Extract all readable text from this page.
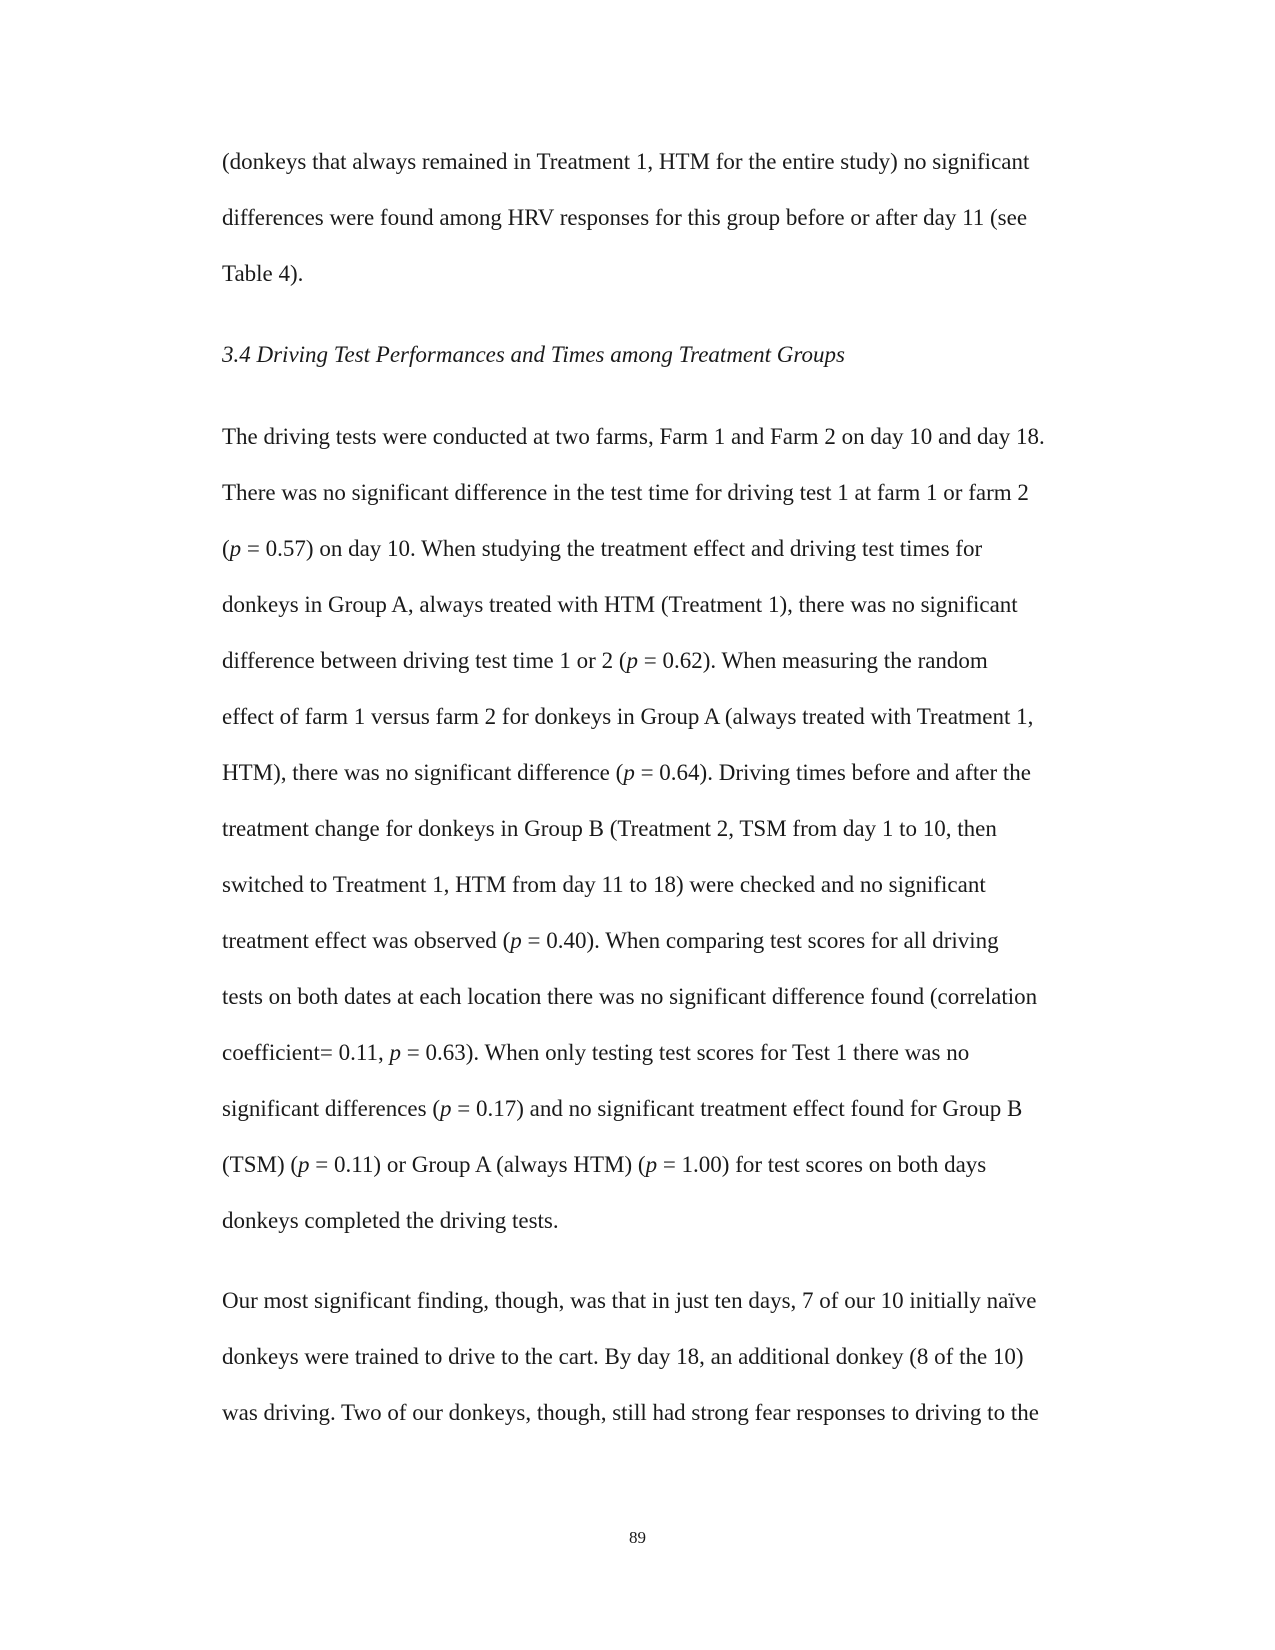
(donkeys that always remained in Treatment 1, HTM for the entire study) no significant

differences were found among HRV responses for this group before or after day 11 (see

Table 4).

3.4 Driving Test Performances and Times among Treatment Groups

The driving tests were conducted at two farms, Farm 1 and Farm 2 on day 10 and day 18.

There was no significant difference in the test time for driving test 1 at farm 1 or farm 2

(p = 0.57) on day 10. When studying the treatment effect and driving test times for

donkeys in Group A, always treated with HTM (Treatment 1), there was no significant

difference between driving test time 1 or 2 (p = 0.62). When measuring the random

effect of farm 1 versus farm 2 for donkeys in Group A (always treated with Treatment 1,

HTM), there was no significant difference (p = 0.64). Driving times before and after the

treatment change for donkeys in Group B (Treatment 2, TSM from day 1 to 10, then

switched to Treatment 1, HTM from day 11 to 18) were checked and no significant

treatment effect was observed (p = 0.40). When comparing test scores for all driving

tests on both dates at each location there was no significant difference found (correlation

coefficient= 0.11, p = 0.63). When only testing test scores for Test 1 there was no

significant differences (p = 0.17) and no significant treatment effect found for Group B

(TSM) (p = 0.11) or Group A (always HTM) (p = 1.00) for test scores on both days

donkeys completed the driving tests.

Our most significant finding, though, was that in just ten days, 7 of our 10 initially naïve

donkeys were trained to drive to the cart. By day 18, an additional donkey (8 of the 10)

was driving. Two of our donkeys, though, still had strong fear responses to driving to the

89
